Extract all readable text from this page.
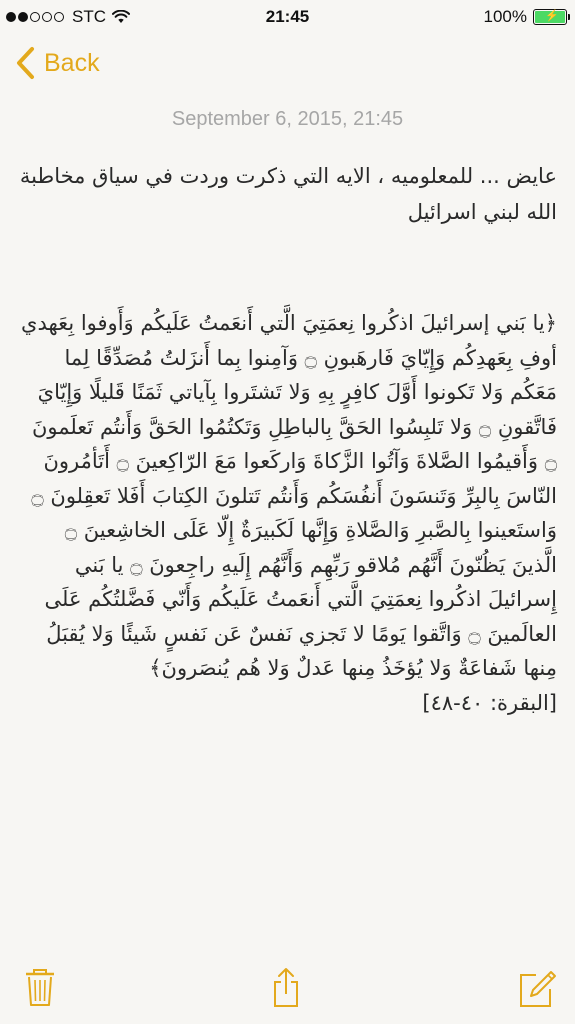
STC	21:45	100% ⚡
Back
September 6, 2015, 21:45

عايض ... للمعلوميه ، الايه التي ذكرت وردت في سياق مخاطبة الله لبني اسرائيل

﴿يا بَني إسرائيلَ اذكُروا نِعمَتِيَ الَّتي أَنعَمتُ عَلَيكُم وَأَوفوا بِعَهدي أوفِ بِعَهدِكُم وَإِيّايَ فَارهَبونِ ۝ وَآمِنوا بِما أَنزَلتُ مُصَدِّقًا لِما مَعَكُم وَلا تَكونوا أَوَّلَ كافِرٍ بِهِ وَلا تَشتَروا بِآياتي ثَمَنًا قَليلًا وَإِيّايَ فَاتَّقونِ ۝ وَلا تَلبِسُوا الحَقَّ بِالباطِلِ وَتَكتُمُوا الحَقَّ وَأَنتُم تَعلَمونَ ۝ وَأَقيمُوا الصَّلاةَ وَآتُوا الزَّكاةَ وَاركَعوا مَعَ الرّاكِعينَ ۝ أَتَأمُرونَ النّاسَ بِالبِرِّ وَتَنسَونَ أَنفُسَكُم وَأَنتُم تَتلونَ الكِتابَ أَفَلا تَعقِلونَ ۝ وَاستَعينوا بِالصَّبرِ وَالصَّلاةِ وَإِنَّها لَكَبيرَةٌ إِلّا عَلَى الخاشِعينَ ۝ الَّذينَ يَظُنّونَ أَنَّهُم مُلاقو رَبِّهِم وَأَنَّهُم إِلَيهِ راجِعونَ ۝ يا بَني إِسرائيلَ اذكُروا نِعمَتِيَ الَّتي أَنعَمتُ عَلَيكُم وَأَنّي فَضَّلتُكُم عَلَى العالَمينَ ۝ وَاتَّقوا يَومًا لا تَجزي نَفسٌ عَن نَفسٍ شَيئًا وَلا يُقبَلُ مِنها شَفاعَةٌ وَلا يُؤخَذُ مِنها عَدلٌ وَلا هُم يُنصَرونَ﴾

[البقرة: ٤٠-٤٨]
